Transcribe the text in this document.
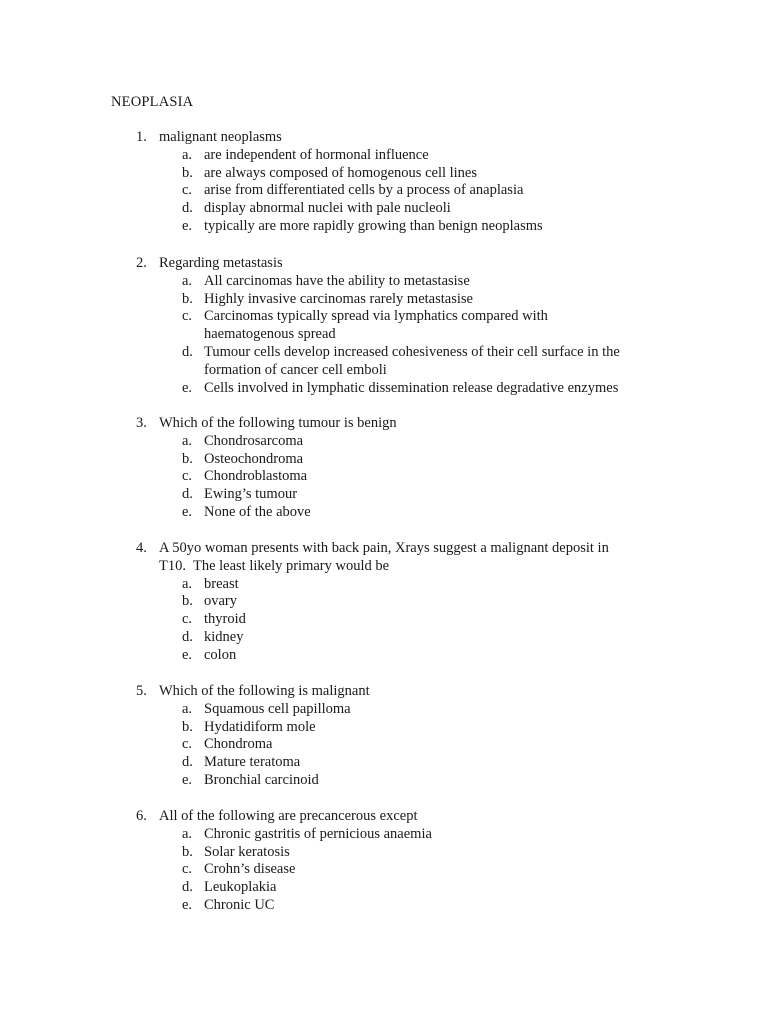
NEOPLASIA
1. malignant neoplasms
a. are independent of hormonal influence
b. are always composed of homogenous cell lines
c. arise from differentiated cells by a process of anaplasia
d. display abnormal nuclei with pale nucleoli
e. typically are more rapidly growing than benign neoplasms
2. Regarding metastasis
a. All carcinomas have the ability to metastasise
b. Highly invasive carcinomas rarely metastasise
c. Carcinomas typically spread via lymphatics compared with haematogenous spread
d. Tumour cells develop increased cohesiveness of their cell surface in the formation of cancer cell emboli
e. Cells involved in lymphatic dissemination release degradative enzymes
3. Which of the following tumour is benign
a. Chondrosarcoma
b. Osteochondroma
c. Chondroblastoma
d. Ewing’s tumour
e. None of the above
4. A 50yo woman presents with back pain, Xrays suggest a malignant deposit in
T10.  The least likely primary would be
a. breast
b. ovary
c. thyroid
d. kidney
e. colon
5. Which of the following is malignant
a. Squamous cell papilloma
b. Hydatidiform mole
c. Chondroma
d. Mature teratoma
e. Bronchial carcinoid
6. All of the following are precancerous except
a. Chronic gastritis of pernicious anaemia
b. Solar keratosis
c. Crohn’s disease
d. Leukoplakia
e. Chronic UC
